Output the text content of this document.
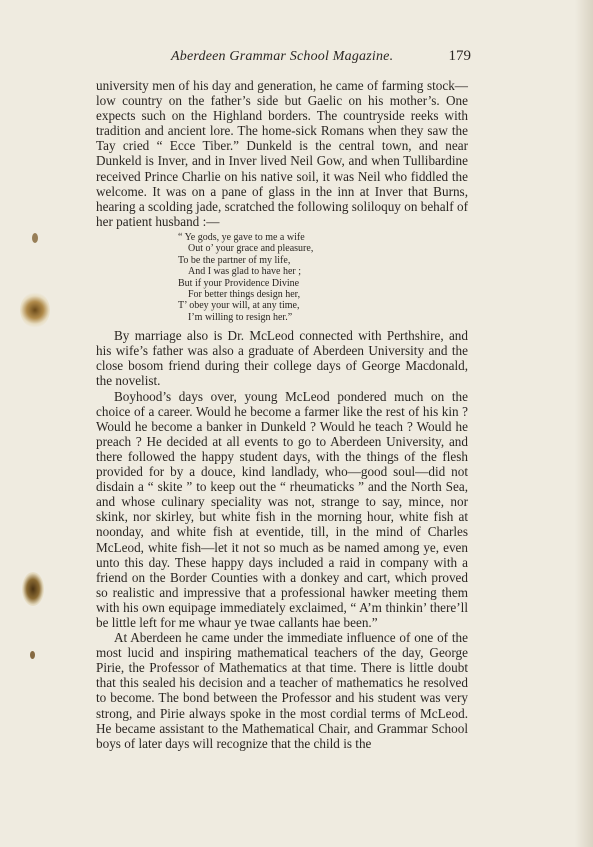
Aberdeen Grammar School Magazine.	179

university men of his day and generation, he came of farming stock—low country on the father’s side but Gaelic on his mother’s. One expects such on the Highland borders. The countryside reeks with tradition and ancient lore. The home-sick Romans when they saw the Tay cried “ Ecce Tiber.” Dunkeld is the central town, and near Dunkeld is Inver, and in Inver lived Neil Gow, and when Tullibardine received Prince Charlie on his native soil, it was Neil who fiddled the welcome. It was on a pane of glass in the inn at Inver that Burns, hearing a scolding jade, scratched the following soliloquy on behalf of her patient husband :—

“ Ye gods, ye gave to me a wife
Out o’ your grace and pleasure,
To be the partner of my life,
And I was glad to have her ;
But if your Providence Divine
For better things design her,
T’ obey your will, at any time,
I’m willing to resign her.”

By marriage also is Dr. McLeod connected with Perthshire, and his wife’s father was also a graduate of Aberdeen University and the close bosom friend during their college days of George Macdonald, the novelist.

Boyhood’s days over, young McLeod pondered much on the choice of a career. Would he become a farmer like the rest of his kin ? Would he become a banker in Dunkeld ? Would he teach ? Would he preach ? He decided at all events to go to Aberdeen University, and there followed the happy student days, with the things of the flesh provided for by a douce, kind landlady, who—good soul—did not disdain a “ skite ” to keep out the “ rheumaticks ” and the North Sea, and whose culinary speciality was not, strange to say, mince, nor skink, nor skirley, but white fish in the morning hour, white fish at noonday, and white fish at eventide, till, in the mind of Charles McLeod, white fish—let it not so much as be named among ye, even unto this day. These happy days included a raid in company with a friend on the Border Counties with a donkey and cart, which proved so realistic and impressive that a professional hawker meeting them with his own equipage immediately exclaimed, “ A’m thinkin’ there’ll be little left for me whaur ye twae callants hae been.”

At Aberdeen he came under the immediate influence of one of the most lucid and inspiring mathematical teachers of the day, George Pirie, the Professor of Mathematics at that time. There is little doubt that this sealed his decision and a teacher of mathematics he resolved to become. The bond between the Professor and his student was very strong, and Pirie always spoke in the most cordial terms of McLeod. He became assistant to the Mathematical Chair, and Grammar School boys of later days will recognize that the child is the
